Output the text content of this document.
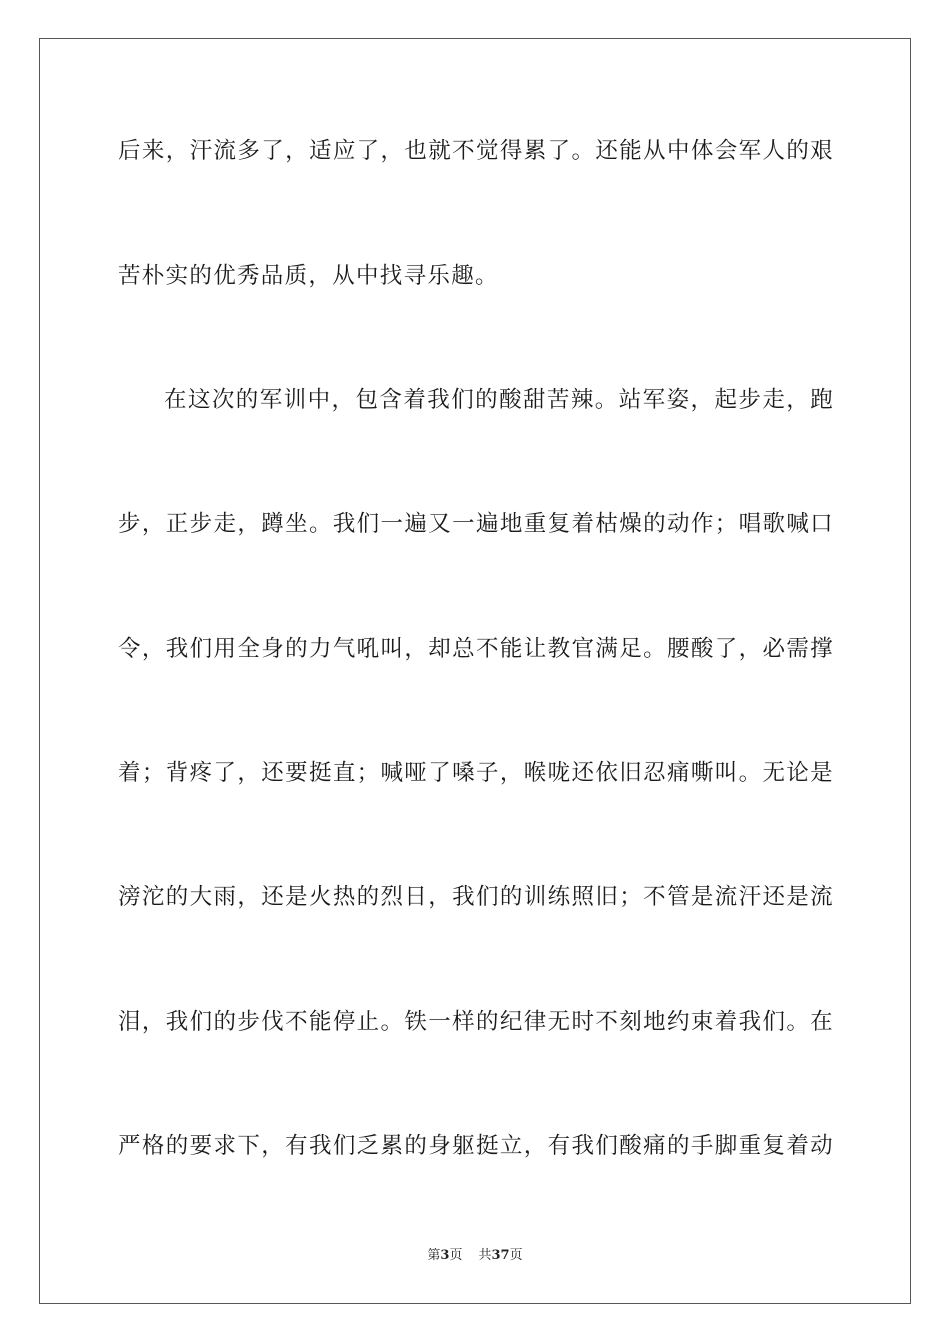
后来，汗流多了，适应了，也就不觉得累了。还能从中体会军人的艰
苦朴实的优秀品质，从中找寻乐趣。
在这次的军训中，包含着我们的酸甜苦辣。站军姿，起步走，跑
步，正步走，蹲坐。我们一遍又一遍地重复着枯燥的动作；唱歌喊口
令，我们用全身的力气吼叫，却总不能让教官满足。腰酸了，必需撑
着；背疼了，还要挺直；喊哑了嗓子，喉咙还依旧忍痛嘶叫。无论是
滂沱的大雨，还是火热的烈日，我们的训练照旧；不管是流汗还是流
泪，我们的步伐不能停止。铁一样的纪律无时不刻地约束着我们。在
严格的要求下，有我们乏累的身躯挺立，有我们酸痛的手脚重复着动
第3页 共37页
